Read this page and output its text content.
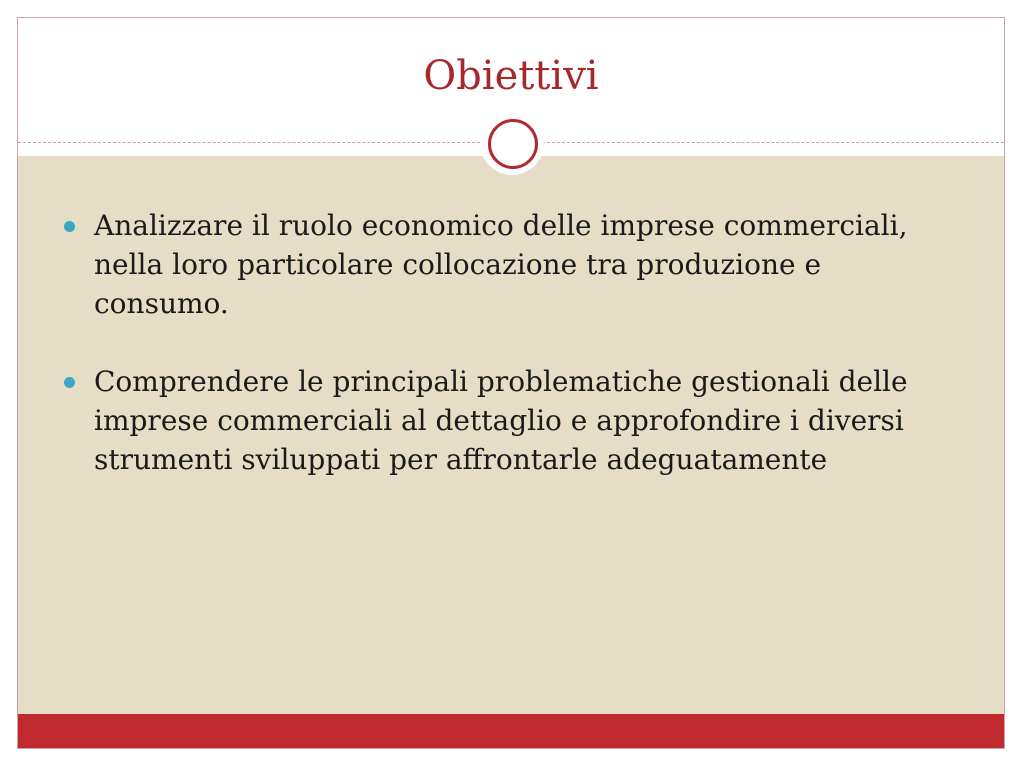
Obiettivi
Analizzare il ruolo economico delle imprese commerciali, nella loro particolare collocazione tra produzione e consumo.
Comprendere le principali problematiche gestionali delle imprese commerciali al dettaglio e approfondire i diversi strumenti sviluppati per affrontarle adeguatamente
